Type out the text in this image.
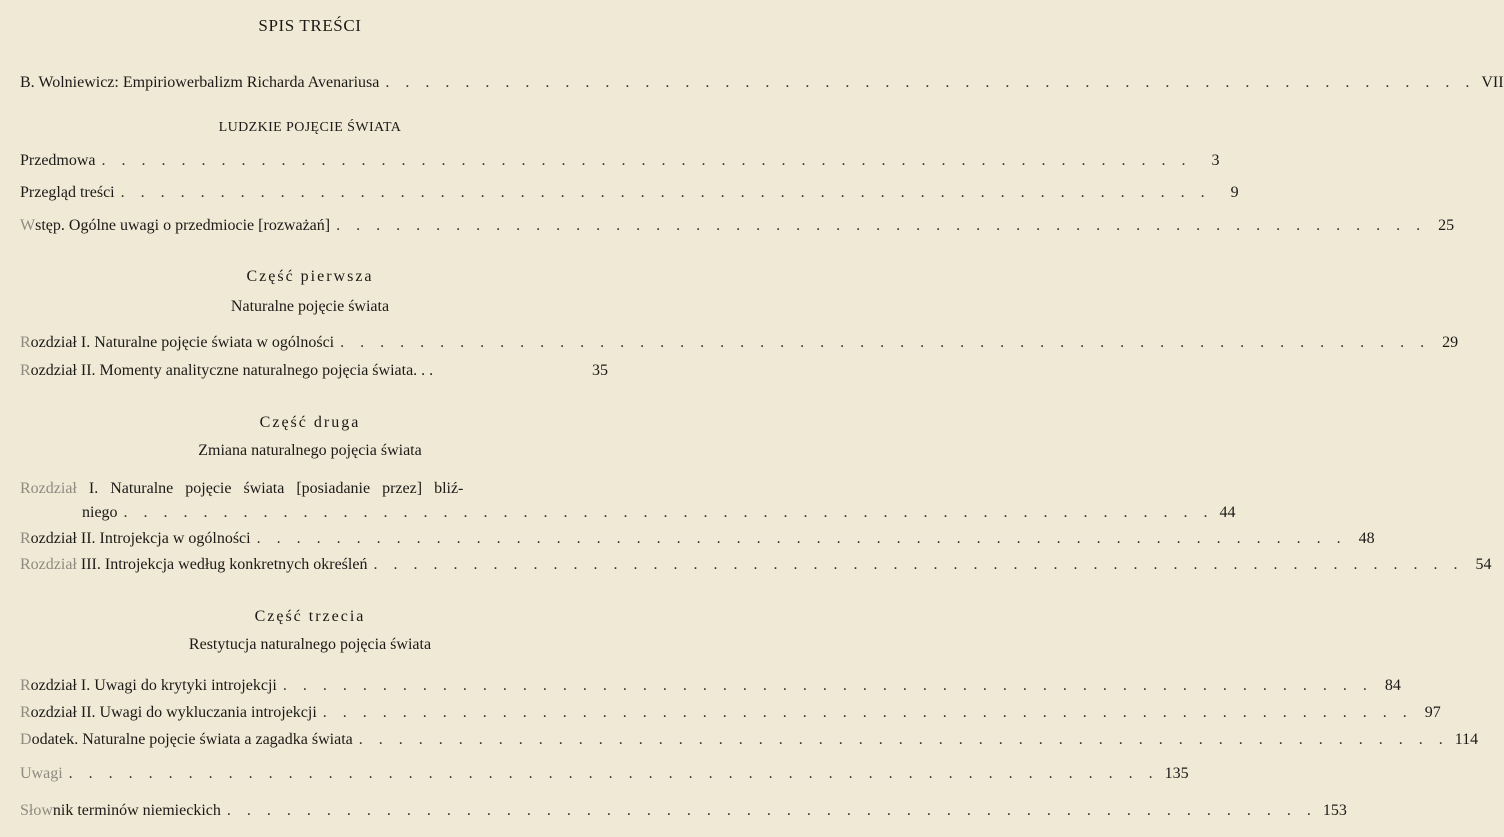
SPIS TREŚCI
B. Wolniewicz: Empiriowerbalizm Richarda Avenariusa . . . . . . . . . . . . . . . . . . . . . . . . . . . . . . . . . . . . . . . . . . . . . . . . . . . . . . . VII
LUDZKIE POJĘCIE ŚWIATA
Przedmowa . . . . . . . . . . . . . . . . . . . . . . . . . . . . . . . . . . . . . . . . . . . . . . . . . . . . . . .	3
Przegląd treści . . . . . . . . . . . . . . . . . . . . . . . . . . . . . . . . . . . . . . . . . . . . . . . . . . . . . . .	9
Wstęp. Ogólne uwagi o przedmiocie [rozważań] . . . . . . . . . . . . . . . . . . . . . . . . . . . . . . . . . . . . . . . . . . . . . . . . . . . . . . . 25
Część pierwsza
Naturalne pojęcie świata
Rozdział I. Naturalne pojęcie świata w ogólności . . . . . . . . . . . . . . . . . . . . . . . . . . . . . . . . . . . . . . . . . . . . . . . . . . . . . . . 29
Rozdział II. Momenty analityczne naturalnego pojęcia świata. . .	35
Część druga
Zmiana naturalnego pojęcia świata
Rozdział I. Naturalne pojęcie świata [posiadanie przez] bliź-
niego . . . . . . . . . . . . . . . . . . . . . . . . . . . . . . . . . . . . . . . . . . . . . . . . . . . . . . . 44
Rozdział II. Introjekcja w ogólności . . . . . . . . . . . . . . . . . . . . . . . . . . . . . . . . . . . . . . . . . . . . . . . . . . . . . . . 48
Rozdział III. Introjekcja według konkretnych określeń . . . . . . . . . . . . . . . . . . . . . . . . . . . . . . . . . . . . . . . . . . . . . . . . . . . . . . . 54
Część trzecia
Restytucja naturalnego pojęcia świata
Rozdział I. Uwagi do krytyki introjekcji . . . . . . . . . . . . . . . . . . . . . . . . . . . . . . . . . . . . . . . . . . . . . . . . . . . . . . . 84
Rozdział II. Uwagi do wykluczania introjekcji . . . . . . . . . . . . . . . . . . . . . . . . . . . . . . . . . . . . . . . . . . . . . . . . . . . . . . . 97
Dodatek. Naturalne pojęcie świata a zagadka świata . . . . . . . . . . . . . . . . . . . . . . . . . . . . . . . . . . . . . . . . . . . . . . . . . . . . . . . 114
Uwagi . . . . . . . . . . . . . . . . . . . . . . . . . . . . . . . . . . . . . . . . . . . . . . . . . . . . . . . 135
Słownik terminów niemieckich . . . . . . . . . . . . . . . . . . . . . . . . . . . . . . . . . . . . . . . . . . . . . . . . . . . . . . . 153
